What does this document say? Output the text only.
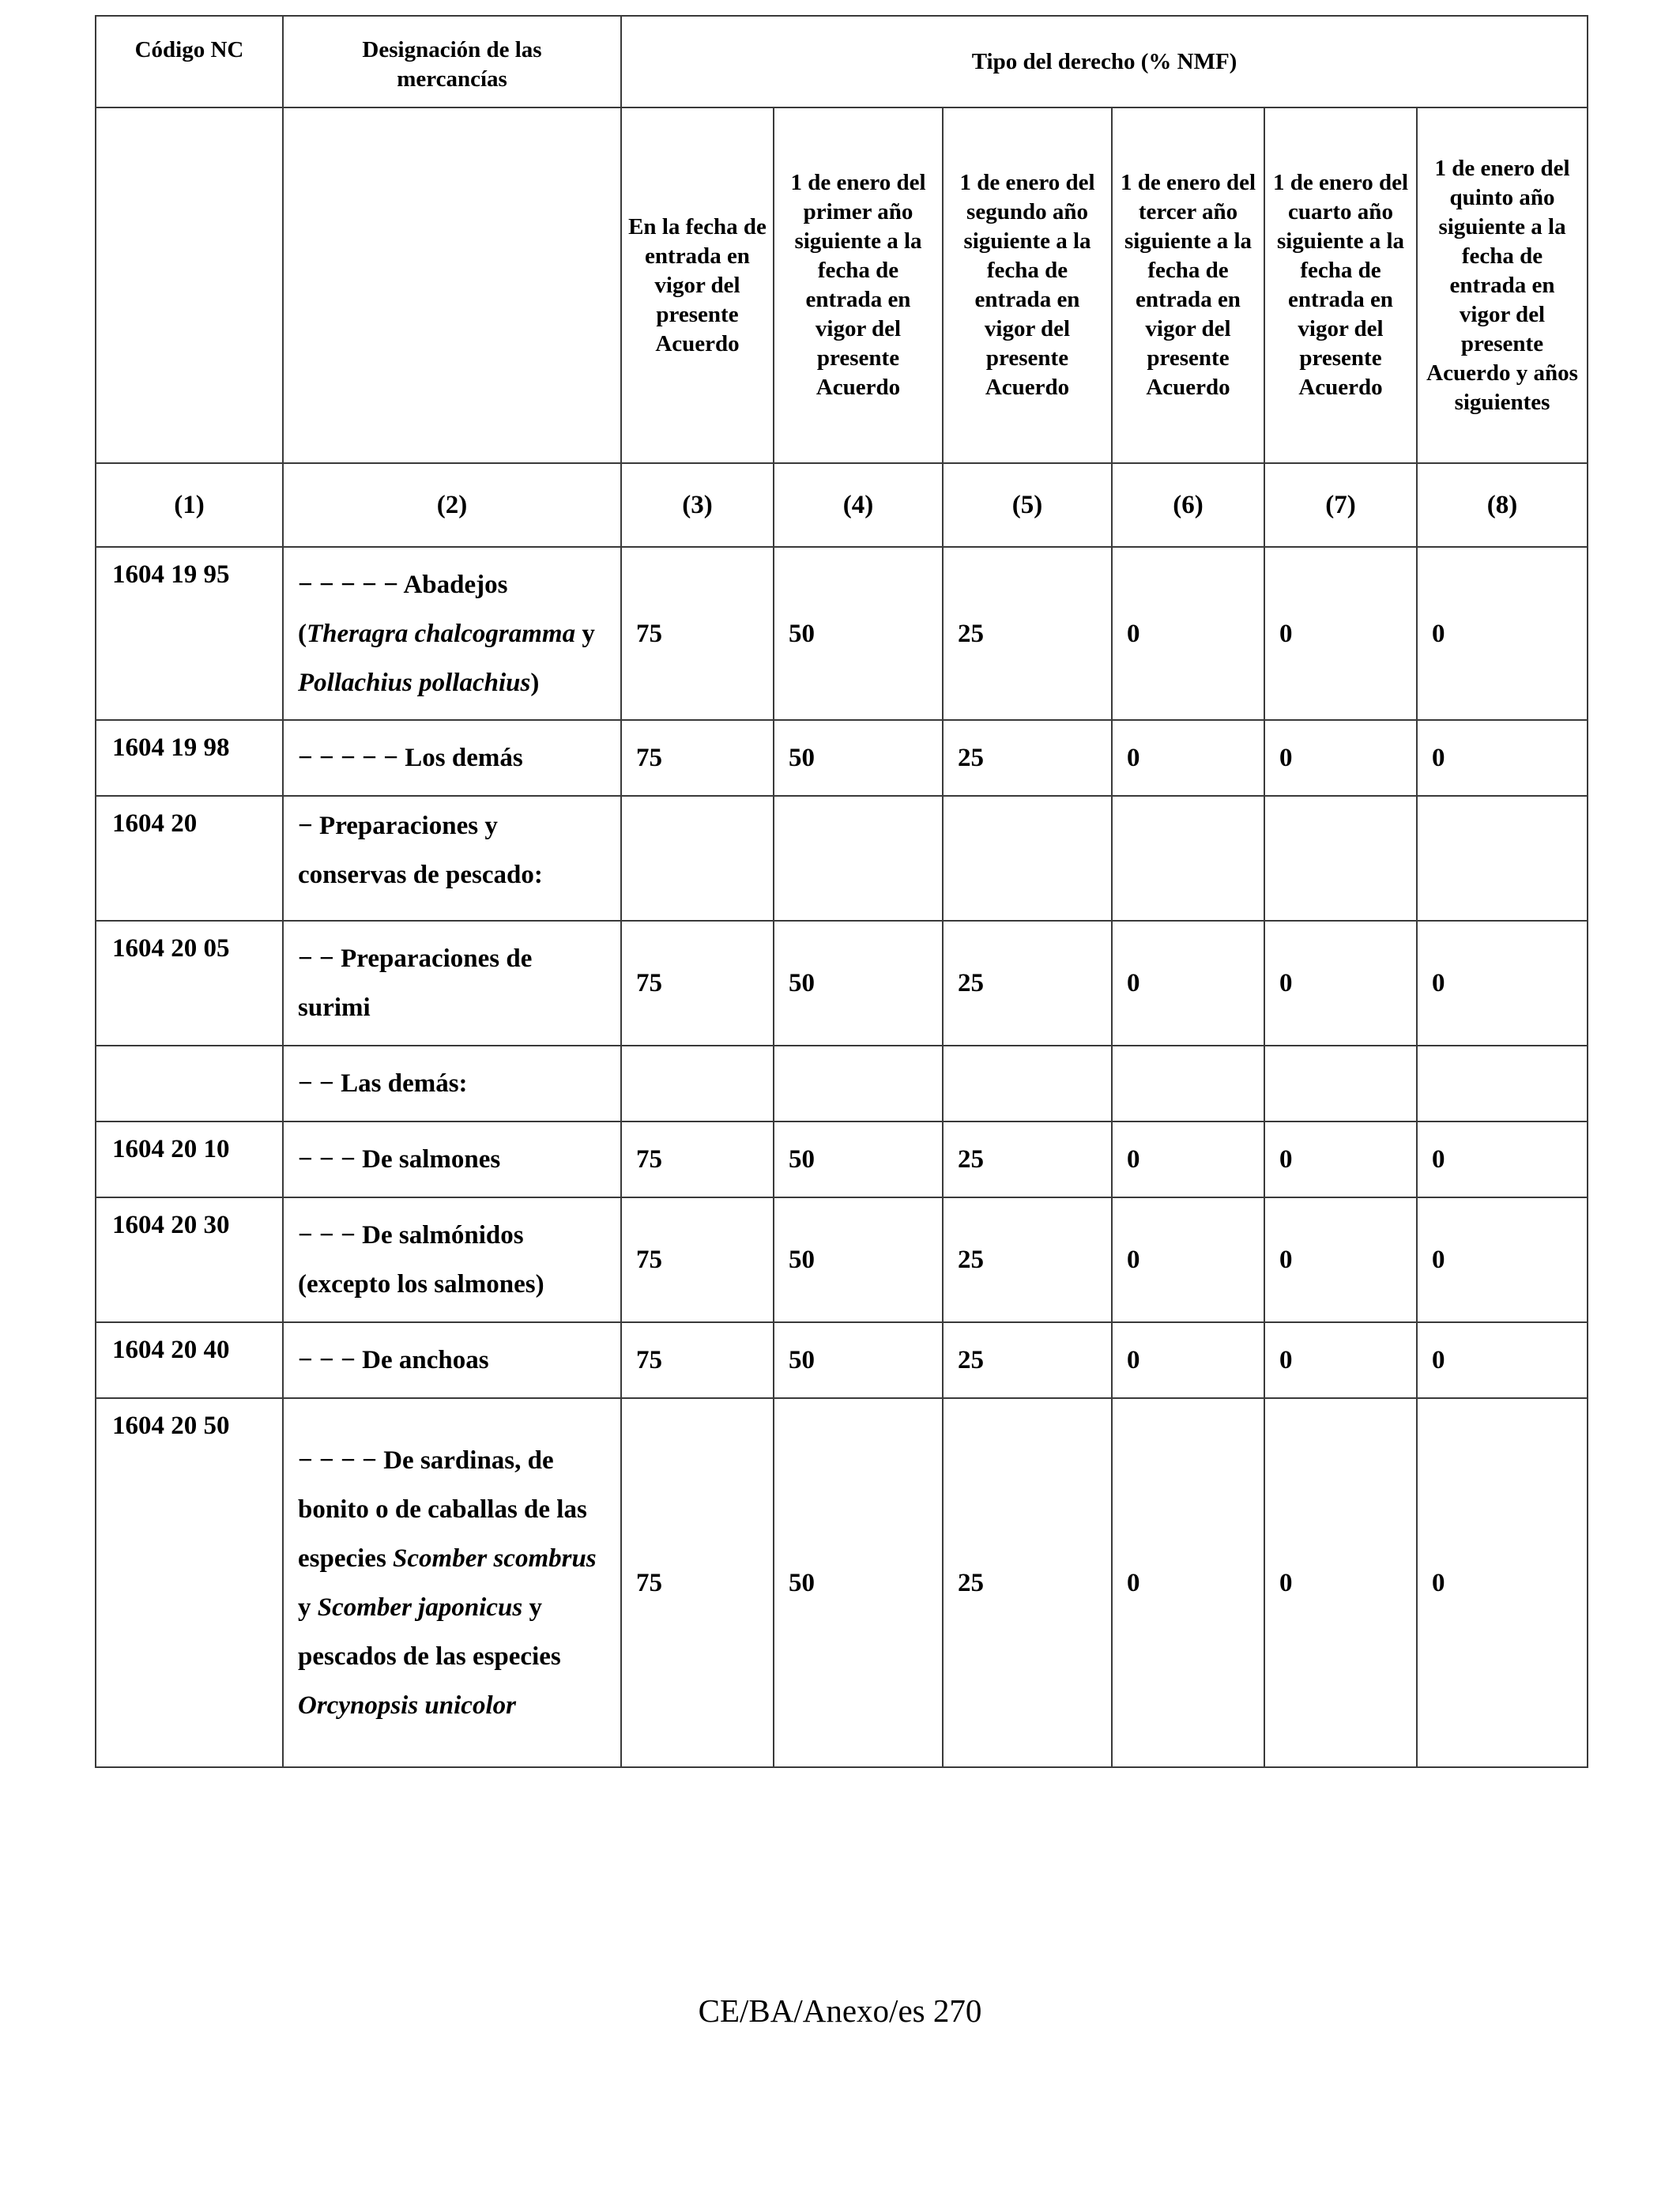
Código NC	Designación de las mercancías	Tipo del derecho (% NMF)					

		En la fecha de entrada en vigor del presente Acuerdo	1 de enero del primer año siguiente a la fecha de entrada en vigor del presente Acuerdo	1 de enero del segundo año siguiente a la fecha de entrada en vigor del presente Acuerdo	1 de enero del tercer año siguiente a la fecha de entrada en vigor del presente Acuerdo	1 de enero del cuarto año siguiente a la fecha de entrada en vigor del presente Acuerdo	1 de enero del quinto año siguiente a la fecha de entrada en vigor del presente Acuerdo y años siguientes

(1)	(2)	(3)	(4)	(5)	(6)	(7)	(8)
1604 19 95	− − − − − Abadejos (Theragra chalcogramma y Pollachius pollachius)	75	50	25	0	0	0
1604 19 98	− − − − − Los demás	75	50	25	0	0	0
1604 20	− Preparaciones y conservas de pescado:						
1604 20 05	− − Preparaciones de surimi	75	50	25	0	0	0
	− − Las demás:						
1604 20 10	− − − De salmones	75	50	25	0	0	0
1604 20 30	− − − De salmónidos (excepto los salmones)	75	50	25	0	0	0
1604 20 40	− − − De anchoas	75	50	25	0	0	0
1604 20 50	− − − − De sardinas, de bonito o de caballas de las especies Scomber scombrus y Scomber japonicus y pescados de las especies Orcynopsis unicolor	75	50	25	0	0	0
CE/BA/Anexo/es 270
